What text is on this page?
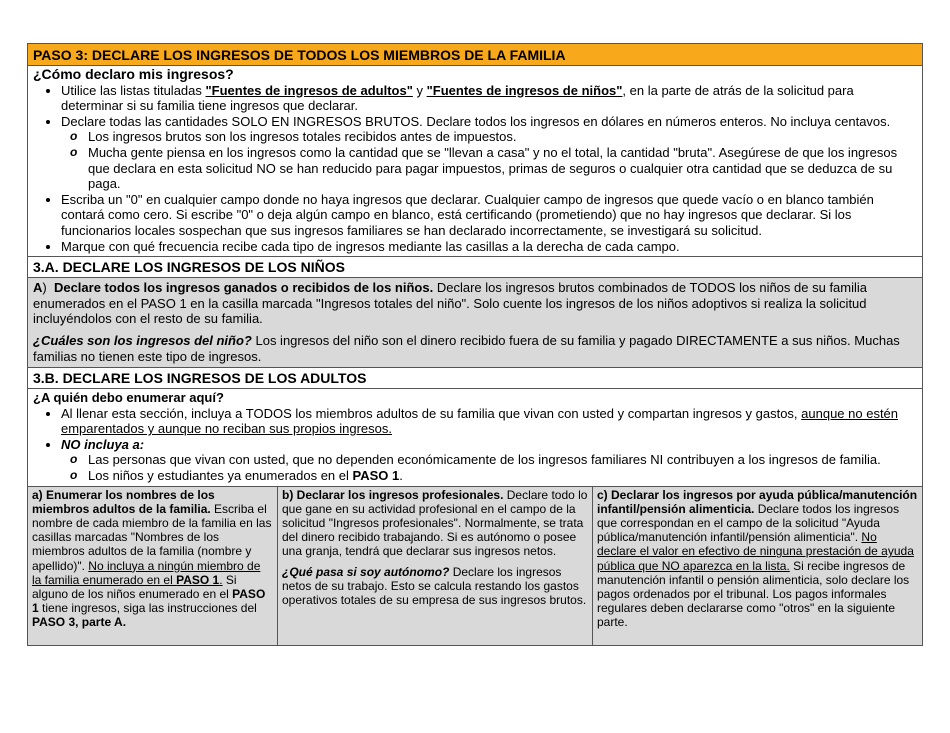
PASO 3: DECLARE LOS INGRESOS DE TODOS LOS MIEMBROS DE LA FAMILIA
¿Cómo declaro mis ingresos?
• Utilice las listas tituladas "Fuentes de ingresos de adultos" y "Fuentes de ingresos de niños", en la parte de atrás de la solicitud para determinar si su familia tiene ingresos que declarar.
• Declare todas las cantidades SOLO EN INGRESOS BRUTOS. Declare todos los ingresos en dólares en números enteros. No incluya centavos.
o Los ingresos brutos son los ingresos totales recibidos antes de impuestos.
o Mucha gente piensa en los ingresos como la cantidad que se "llevan a casa" y no el total, la cantidad "bruta". Asegúrese de que los ingresos que declara en esta solicitud NO se han reducido para pagar impuestos, primas de seguros o cualquier otra cantidad que se deduzca de su paga.
• Escriba un "0" en cualquier campo donde no haya ingresos que declarar. Cualquier campo de ingresos que quede vacío o en blanco también contará como cero. Si escribe "0" o deja algún campo en blanco, está certificando (prometiendo) que no hay ingresos que declarar. Si los funcionarios locales sospechan que sus ingresos familiares se han declarado incorrectamente, se investigará su solicitud.
• Marque con qué frecuencia recibe cada tipo de ingresos mediante las casillas a la derecha de cada campo.
3.A. DECLARE LOS INGRESOS DE LOS NIÑOS

A)  Declare todos los ingresos ganados o recibidos de los niños. Declare los ingresos brutos combinados de TODOS los niños de su familia enumerados en el PASO 1 en la casilla marcada "Ingresos totales del niño". Solo cuente los ingresos de los niños adoptivos si realiza la solicitud incluyéndolos con el resto de su familia.

¿Cuáles son los ingresos del niño? Los ingresos del niño son el dinero recibido fuera de su familia y pagado DIRECTAMENTE a sus niños. Muchas familias no tienen este tipo de ingresos.

3.B. DECLARE LOS INGRESOS DE LOS ADULTOS
¿A quién debo enumerar aquí?
• Al llenar esta sección, incluya a TODOS los miembros adultos de su familia que vivan con usted y compartan ingresos y gastos, aunque no estén emparentados y aunque no reciban sus propios ingresos.
• NO incluya a:
o Las personas que vivan con usted, que no dependen económicamente de los ingresos familiares NI contribuyen a los ingresos de familia.
o Los niños y estudiantes ya enumerados en el PASO 1.

a) Enumerar los nombres de los miembros adultos de la familia. Escriba el nombre de cada miembro de la familia en las casillas marcadas "Nombres de los miembros adultos de la familia (nombre y apellido)". No incluya a ningún miembro de la familia enumerado en el PASO 1. Si alguno de los niños enumerado en el PASO 1 tiene ingresos, siga las instrucciones del PASO 3, parte A.

b) Declarar los ingresos profesionales. Declare todo lo que gane en su actividad profesional en el campo de la solicitud "Ingresos profesionales". Normalmente, se trata del dinero recibido trabajando. Si es autónomo o posee una granja, tendrá que declarar sus ingresos netos.

¿Qué pasa si soy autónomo? Declare los ingresos netos de su trabajo. Esto se calcula restando los gastos operativos totales de su empresa de sus ingresos brutos.

c) Declarar los ingresos por ayuda pública/manutención infantil/pensión alimenticia. Declare todos los ingresos que correspondan en el campo de la solicitud "Ayuda pública/manutención infantil/pensión alimenticia". No declare el valor en efectivo de ninguna prestación de ayuda pública que NO aparezca en la lista. Si recibe ingresos de manutención infantil o pensión alimenticia, solo declare los pagos ordenados por el tribunal. Los pagos informales regulares deben declararse como "otros" en la siguiente parte.
